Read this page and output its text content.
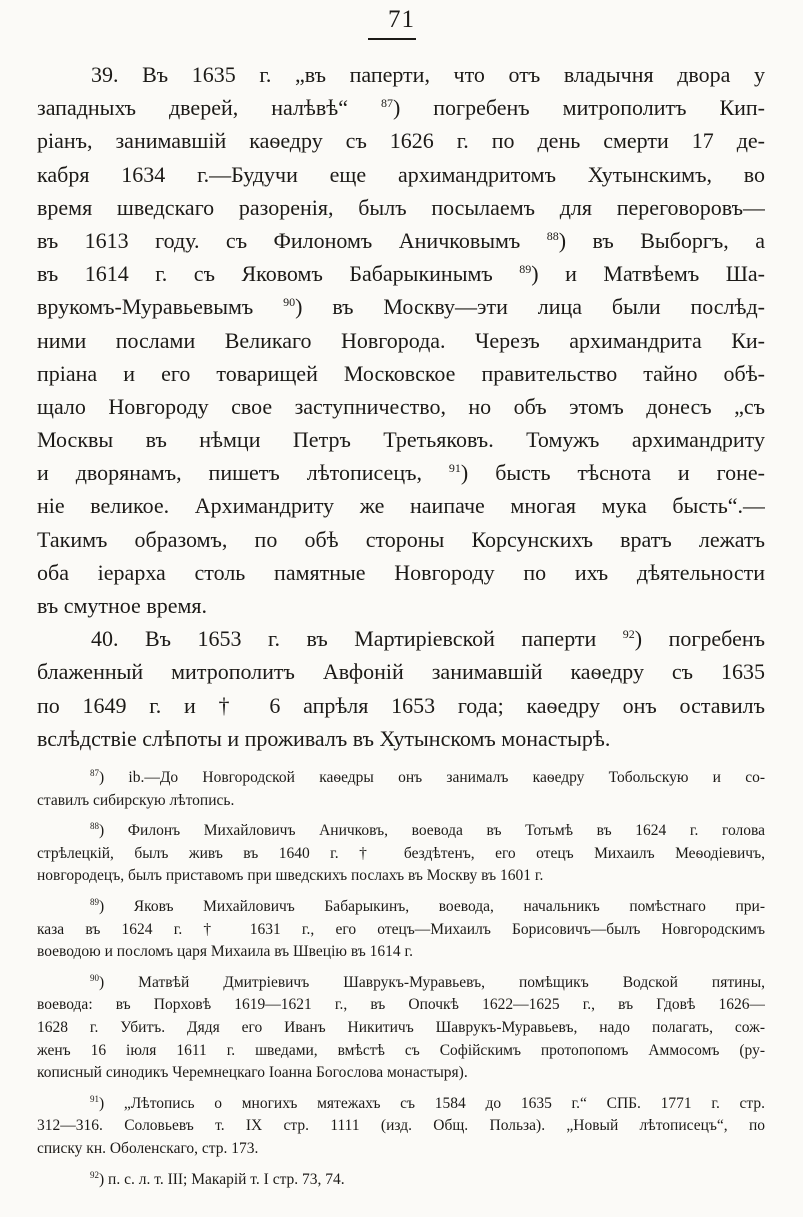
71
39. Въ 1635 г. „въ паперти, что отъ владычня двора у
западныхъ дверей, налѣвѣ“ $^{87}$) погребенъ митрополитъ Кип-
ріанъ, занимавшій каѳедру съ 1626 г. по день смерти 17 де-
кабря 1634 г.—Будучи еще архимандритомъ Хутынскимъ, во
время шведскаго разоренія, былъ посылаемъ для переговоровъ—
въ 1613 году. съ Филономъ Аничковымъ $^{88}$) въ Выборгъ, а
въ 1614 г. съ Яковомъ Бабарыкинымъ $^{89}$) и Матвѣемъ Ша-
врукомъ-Муравьевымъ $^{90}$) въ Москву—эти лица были послѣд-
ними послами Великаго Новгорода. Черезъ архимандрита Ки-
пріана и его товарищей Московское правительство тайно обѣ-
щало Новгороду свое заступничество, но объ этомъ донесъ „съ
Москвы въ нѣмци Петръ Третьяковъ. Томужъ архимандриту
и дворянамъ, пишетъ лѣтописецъ, $^{91}$) бысть тѣснота и гоне-
ніе великое. Архимандриту же наипаче многая мука бысть“.—
Такимъ образомъ, по обѣ стороны Корсунскихъ вратъ лежатъ
оба іерарха столь памятные Новгороду по ихъ дѣятельности
въ смутное время.
40. Въ 1653 г. въ Мартиріевской паперти $^{92}$) погребенъ
блаженный митрополитъ Авфоній занимавшій каѳедру съ 1635
по 1649 г. и † 6 апрѣля 1653 года; каѳедру онъ оставилъ
вслѣдствіе слѣпоты и проживалъ въ Хутынскомъ монастырѣ.
$^{87}$) ib.—До Новгородской каѳедры онъ занималъ каѳедру Тобольскую и со-
ставилъ сибирскую лѣтопись.
$^{88}$) Филонъ Михайловичъ Аничковъ, воевода въ Тотьмѣ въ 1624 г. голова
стрѣлецкій, былъ живъ въ 1640 г. † бездѣтенъ, его отецъ Михаилъ Меѳодіевичъ,
новгородецъ, былъ приставомъ при шведскихъ послахъ въ Москву въ 1601 г.
$^{89}$) Яковъ Михайловичъ Бабарыкинъ, воевода, начальникъ помѣстнаго при-
каза въ 1624 г. † 1631 г., его отецъ—Михаилъ Борисовичъ—былъ Новгородскимъ
воеводою и посломъ царя Михаила въ Швецію въ 1614 г.
$^{90}$) Матвѣй Дмитріевичъ Шаврукъ-Муравьевъ, помѣщикъ Водской пятины,
воевода: въ Порховѣ 1619—1621 г., въ Опочкѣ 1622—1625 г., въ Гдовѣ 1626—
1628 г. Убитъ. Дядя его Иванъ Никитичъ Шаврукъ-Муравьевъ, надо полагать, сож-
женъ 16 іюля 1611 г. шведами, вмѣстѣ съ Софійскимъ протопопомъ Аммосомъ (ру-
кописный синодикъ Черемнецкаго Іоанна Богослова монастыря).
$^{91}$) „Лѣтопись о многихъ мятежахъ съ 1584 до 1635 г.“ СПБ. 1771 г. стр.
312—316. Соловьевъ т. IX стр. 1111 (изд. Общ. Польза). „Новый лѣтописецъ“, по
списку кн. Оболенскаго, стр. 173.
$^{92}$) п. с. л. т. III; Макарій т. I стр. 73, 74.
